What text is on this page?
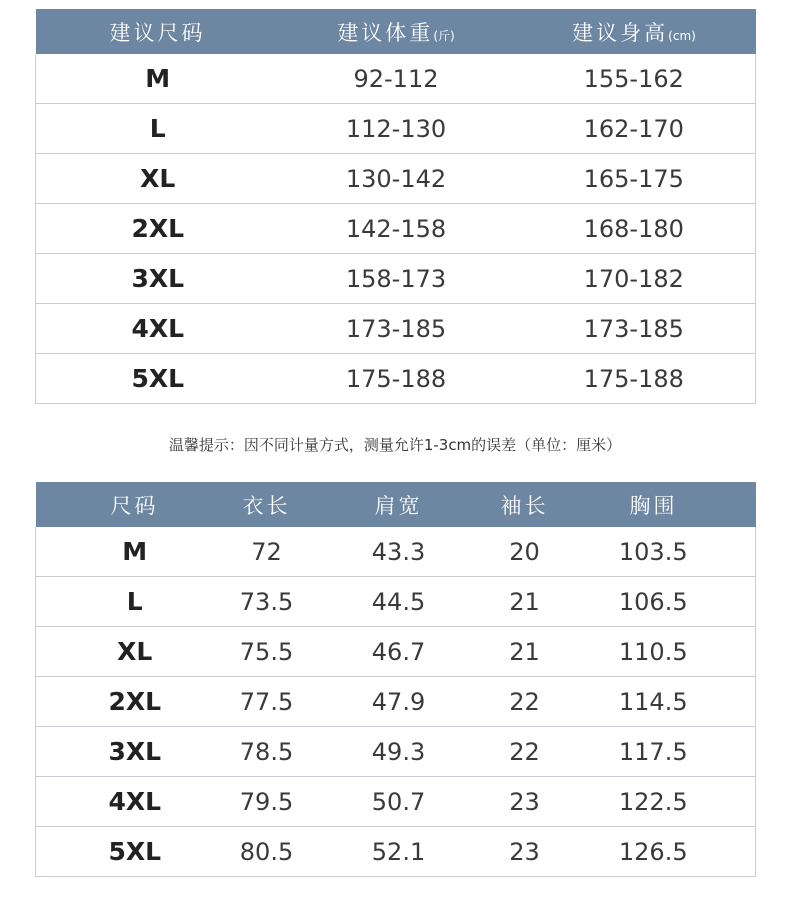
建议尺码	建议体重(斤)	建议身高(cm)
M	92-112	155-162
L	112-130	162-170
XL	130-142	165-175
2XL	142-158	168-180
3XL	158-173	170-182
4XL	173-185	173-185
5XL	175-188	175-188
温馨提示：因不同计量方式，测量允许1-3cm的误差（单位：厘米）
尺码	衣长	肩宽	袖长	胸围
M	72	43.3	20	103.5
L	73.5	44.5	21	106.5
XL	75.5	46.7	21	110.5
2XL	77.5	47.9	22	114.5
3XL	78.5	49.3	22	117.5
4XL	79.5	50.7	23	122.5
5XL	80.5	52.1	23	126.5
